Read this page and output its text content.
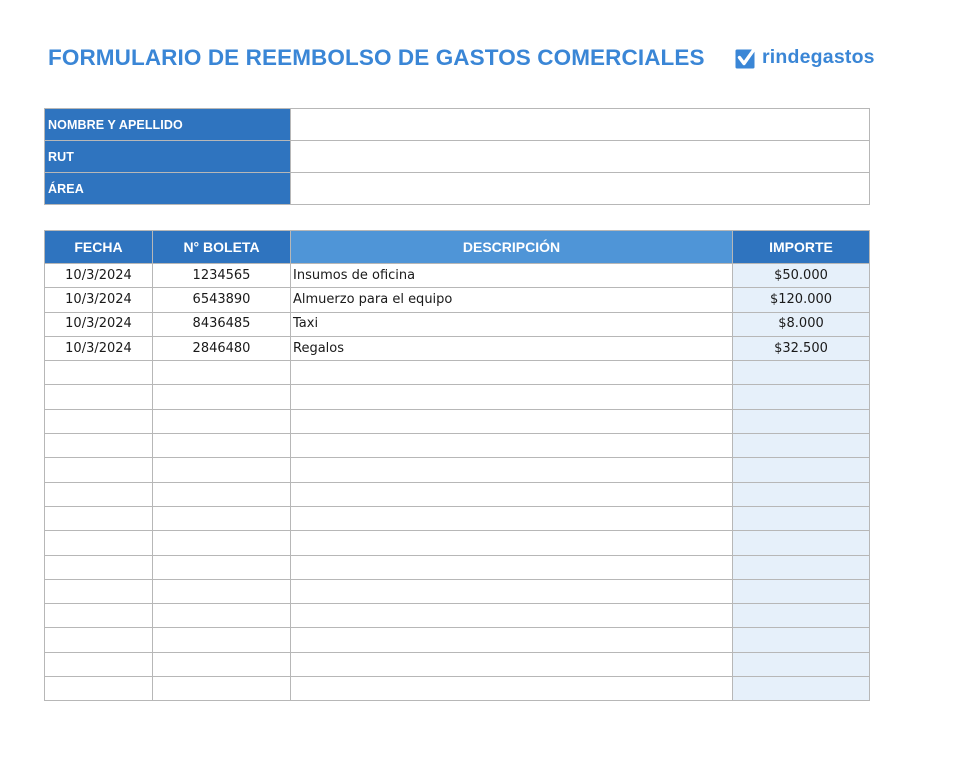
FORMULARIO DE REEMBOLSO DE GASTOS COMERCIALES	rindegastos
NOMBRE Y APELLIDO	
RUT	
ÁREA	
FECHA	N° BOLETA	DESCRIPCIÓN	IMPORTE
10/3/2024	1234565	Insumos de oficina	$50.000
10/3/2024	6543890	Almuerzo para el equipo	$120.000
10/3/2024	8436485	Taxi	$8.000
10/3/2024	2846480	Regalos	$32.500
